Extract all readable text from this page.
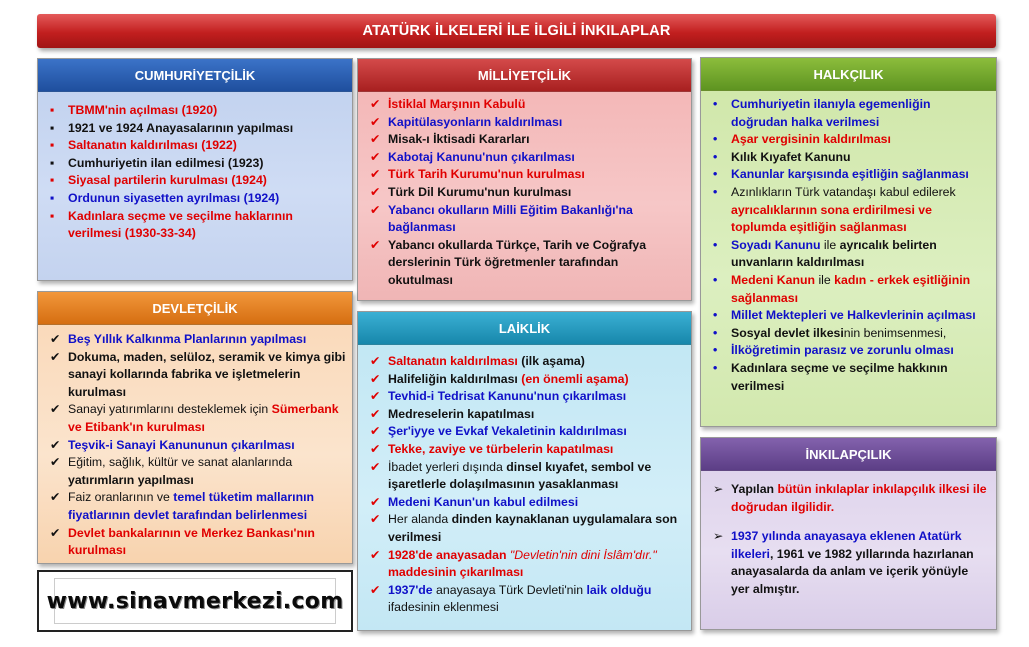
ATATÜRK İLKELERİ İLE İLGİLİ İNKILAPLAR
CUMHURİYETÇİLİK
▪ TBMM'nin açılması (1920)
▪ 1921 ve 1924 Anayasalarının yapılması
▪ Saltanatın kaldırılması (1922)
▪ Cumhuriyetin ilan edilmesi (1923)
▪ Siyasal partilerin kurulması (1924)
▪ Ordunun siyasetten ayrılması (1924)
▪ Kadınlara seçme ve seçilme haklarının verilmesi (1930-33-34)
MİLLİYETÇİLİK
✔ İstiklal Marşının Kabulü
✔ Kapitülasyonların kaldırılması
✔ Misak-ı İktisadi Kararları
✔ Kabotaj Kanunu'nun çıkarılması
✔ Türk Tarih Kurumu'nun kurulması
✔ Türk Dil Kurumu'nun kurulması
✔ Yabancı okulların Milli Eğitim Bakanlığı'na bağlanması
✔ Yabancı okullarda Türkçe, Tarih ve Coğrafya derslerinin Türk öğretmenler tarafından okutulması
HALKÇILIK
• Cumhuriyetin ilanıyla egemenliğin doğrudan halka verilmesi
• Aşar vergisinin kaldırılması
• Kılık Kıyafet Kanunu
• Kanunlar karşısında eşitliğin sağlanması
• Azınlıkların Türk vatandaşı kabul edilerek ayrıcalıklarının sona erdirilmesi ve toplumda eşitliğin sağlanması
• Soyadı Kanunu ile ayrıcalık belirten unvanların kaldırılması
• Medeni Kanun ile kadın - erkek eşitliğinin sağlanması
• Millet Mektepleri ve Halkevlerinin açılması
• Sosyal devlet ilkesinin benimsenmesi,
• İlköğretimin parasız ve zorunlu olması
• Kadınlara seçme ve seçilme hakkının verilmesi
DEVLETÇİLİK
✔ Beş Yıllık Kalkınma Planlarının yapılması
✔ Dokuma, maden, selüloz, seramik ve kimya gibi sanayi kollarında fabrika ve işletmelerin kurulması
✔ Sanayi yatırımlarını desteklemek için Sümerbank ve Etibank'ın kurulması
✔ Teşvik-i Sanayi Kanununun çıkarılması
✔ Eğitim, sağlık, kültür ve sanat alanlarında yatırımların yapılması
✔ Faiz oranlarının ve temel tüketim mallarının fiyatlarının devlet tarafından belirlenmesi
✔ Devlet bankalarının ve Merkez Bankası'nın kurulması
LAİKLİK
✔ Saltanatın kaldırılması (ilk aşama)
✔ Halifeliğin kaldırılması (en önemli aşama)
✔ Tevhid-i Tedrisat Kanunu'nun çıkarılması
✔ Medreselerin kapatılması
✔ Şer'iyye ve Evkaf Vekaletinin kaldırılması
✔ Tekke, zaviye ve türbelerin kapatılması
✔ İbadet yerleri dışında dinsel kıyafet, sembol ve işaretlerle dolaşılmasının yasaklanması
✔ Medeni Kanun'un kabul edilmesi
✔ Her alanda dinden kaynaklanan uygulamalara son verilmesi
✔ 1928'de anayasadan "Devletin'nin dini İslâm'dır." maddesinin çıkarılması
✔ 1937'de anayasaya Türk Devleti'nin laik olduğu ifadesinin eklenmesi
İNKILAPÇILIK
➢ Yapılan bütün inkılaplar inkılapçılık ilkesi ile doğrudan ilgilidir.
➢ 1937 yılında anayasaya eklenen Atatürk ilkeleri, 1961 ve 1982 yıllarında hazırlanan anayasalarda da anlam ve içerik yönüyle yer almıştır.
www.sinavmerkezi.com
